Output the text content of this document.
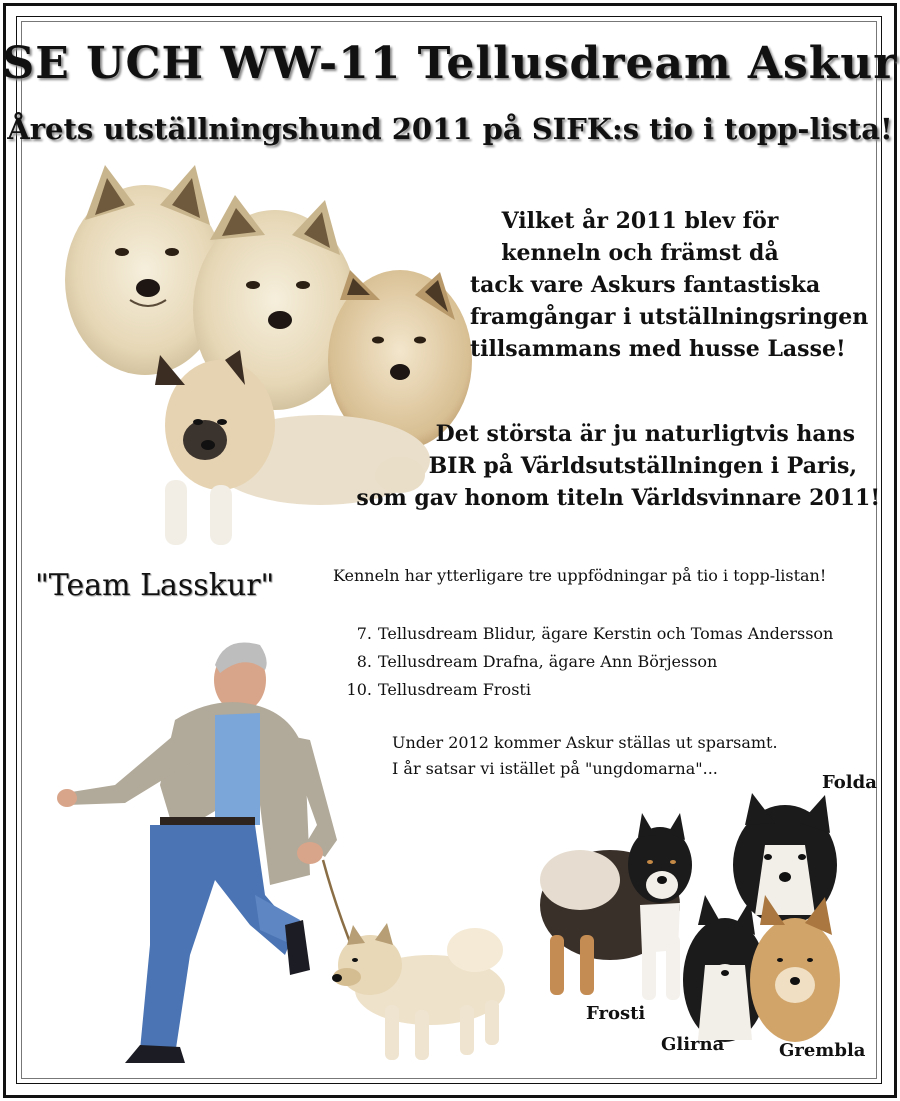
SE UCH WW-11 Tellusdream Askur
Årets utställningshund 2011 på SIFK:s tio i topp-lista!
Vilket år 2011 blev för
kenneln och främst då
tack vare Askurs fantastiska
framgångar i utställningsringen
tillsammans med husse Lasse!
Det största är ju naturligtvis hans
BIR på Världsutställningen i Paris,
som gav honom titeln Världsvinnare 2011!
"Team Lasskur"	Kenneln har ytterligare tre uppfödningar på tio i topp-listan!
7. Tellusdream Blidur, ägare Kerstin och Tomas Andersson
8. Tellusdream Drafna, ägare Ann Börjesson
10. Tellusdream Frosti
Under 2012 kommer Askur ställas ut sparsamt.
I år satsar vi istället på "ungdomarna"...
Folda
Frosti
Glirna	Grembla
